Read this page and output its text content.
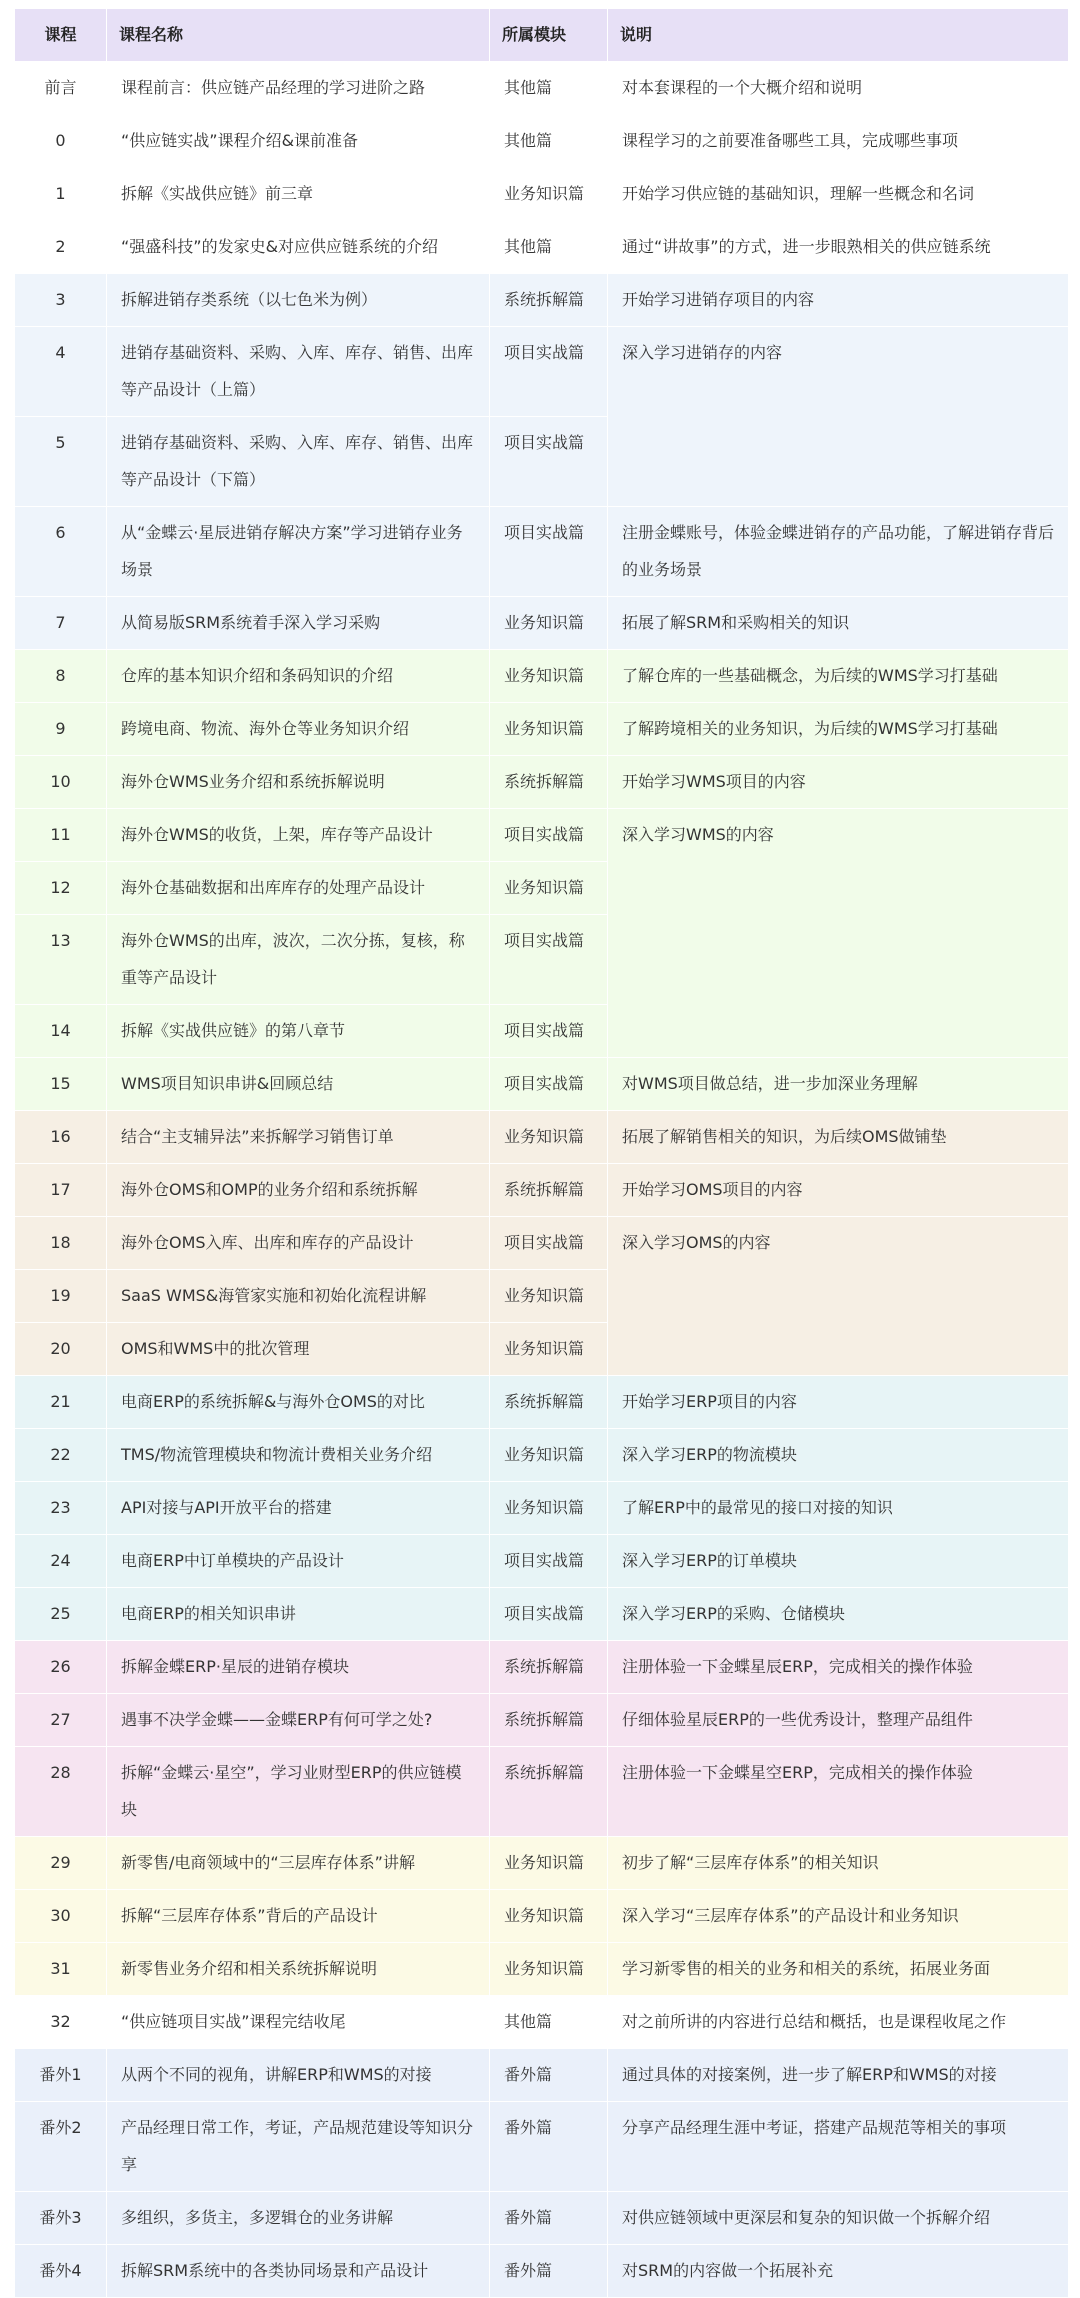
课程	课程名称	所属模块	说明
前言	课程前言：供应链产品经理的学习进阶之路	其他篇	对本套课程的一个大概介绍和说明
0	“供应链实战”课程介绍&课前准备	其他篇	课程学习的之前要准备哪些工具，完成哪些事项
1	拆解《实战供应链》前三章	业务知识篇	开始学习供应链的基础知识，理解一些概念和名词
2	“强盛科技”的发家史&对应供应链系统的介绍	其他篇	通过“讲故事”的方式，进一步眼熟相关的供应链系统
3	拆解进销存类系统（以七色米为例）	系统拆解篇	开始学习进销存项目的内容
4	进销存基础资料、采购、入库、库存、销售、出库等产品设计（上篇）	项目实战篇	深入学习进销存的内容
5	进销存基础资料、采购、入库、库存、销售、出库等产品设计（下篇）	项目实战篇	
6	从“金蝶云·星辰进销存解决方案”学习进销存业务场景	项目实战篇	注册金蝶账号，体验金蝶进销存的产品功能，了解进销存背后的业务场景
7	从简易版SRM系统着手深入学习采购	业务知识篇	拓展了解SRM和采购相关的知识
8	仓库的基本知识介绍和条码知识的介绍	业务知识篇	了解仓库的一些基础概念，为后续的WMS学习打基础
9	跨境电商、物流、海外仓等业务知识介绍	业务知识篇	了解跨境相关的业务知识，为后续的WMS学习打基础
10	海外仓WMS业务介绍和系统拆解说明	系统拆解篇	开始学习WMS项目的内容
11	海外仓WMS的收货，上架，库存等产品设计	项目实战篇	深入学习WMS的内容
12	海外仓基础数据和出库库存的处理产品设计	业务知识篇	
13	海外仓WMS的出库，波次，二次分拣，复核，称重等产品设计	项目实战篇	
14	拆解《实战供应链》的第八章节	项目实战篇	
15	WMS项目知识串讲&回顾总结	项目实战篇	对WMS项目做总结，进一步加深业务理解
16	结合“主支辅异法”来拆解学习销售订单	业务知识篇	拓展了解销售相关的知识，为后续OMS做铺垫
17	海外仓OMS和OMP的业务介绍和系统拆解	系统拆解篇	开始学习OMS项目的内容
18	海外仓OMS入库、出库和库存的产品设计	项目实战篇	深入学习OMS的内容
19	SaaS WMS&海管家实施和初始化流程讲解	业务知识篇	
20	OMS和WMS中的批次管理	业务知识篇	
21	电商ERP的系统拆解&与海外仓OMS的对比	系统拆解篇	开始学习ERP项目的内容
22	TMS/物流管理模块和物流计费相关业务介绍	业务知识篇	深入学习ERP的物流模块
23	API对接与API开放平台的搭建	业务知识篇	了解ERP中的最常见的接口对接的知识
24	电商ERP中订单模块的产品设计	项目实战篇	深入学习ERP的订单模块
25	电商ERP的相关知识串讲	项目实战篇	深入学习ERP的采购、仓储模块
26	拆解金蝶ERP·星辰的进销存模块	系统拆解篇	注册体验一下金蝶星辰ERP，完成相关的操作体验
27	遇事不决学金蝶——金蝶ERP有何可学之处?	系统拆解篇	仔细体验星辰ERP的一些优秀设计，整理产品组件
28	拆解“金蝶云·星空”，学习业财型ERP的供应链模块	系统拆解篇	注册体验一下金蝶星空ERP，完成相关的操作体验
29	新零售/电商领域中的“三层库存体系”讲解	业务知识篇	初步了解“三层库存体系”的相关知识
30	拆解“三层库存体系”背后的产品设计	业务知识篇	深入学习“三层库存体系”的产品设计和业务知识
31	新零售业务介绍和相关系统拆解说明	业务知识篇	学习新零售的相关的业务和相关的系统，拓展业务面
32	“供应链项目实战”课程完结收尾	其他篇	对之前所讲的内容进行总结和概括，也是课程收尾之作
番外1	从两个不同的视角，讲解ERP和WMS的对接	番外篇	通过具体的对接案例，进一步了解ERP和WMS的对接
番外2	产品经理日常工作，考证，产品规范建设等知识分享	番外篇	分享产品经理生涯中考证，搭建产品规范等相关的事项
番外3	多组织，多货主，多逻辑仓的业务讲解	番外篇	对供应链领域中更深层和复杂的知识做一个拆解介绍
番外4	拆解SRM系统中的各类协同场景和产品设计	番外篇	对SRM的内容做一个拓展补充
